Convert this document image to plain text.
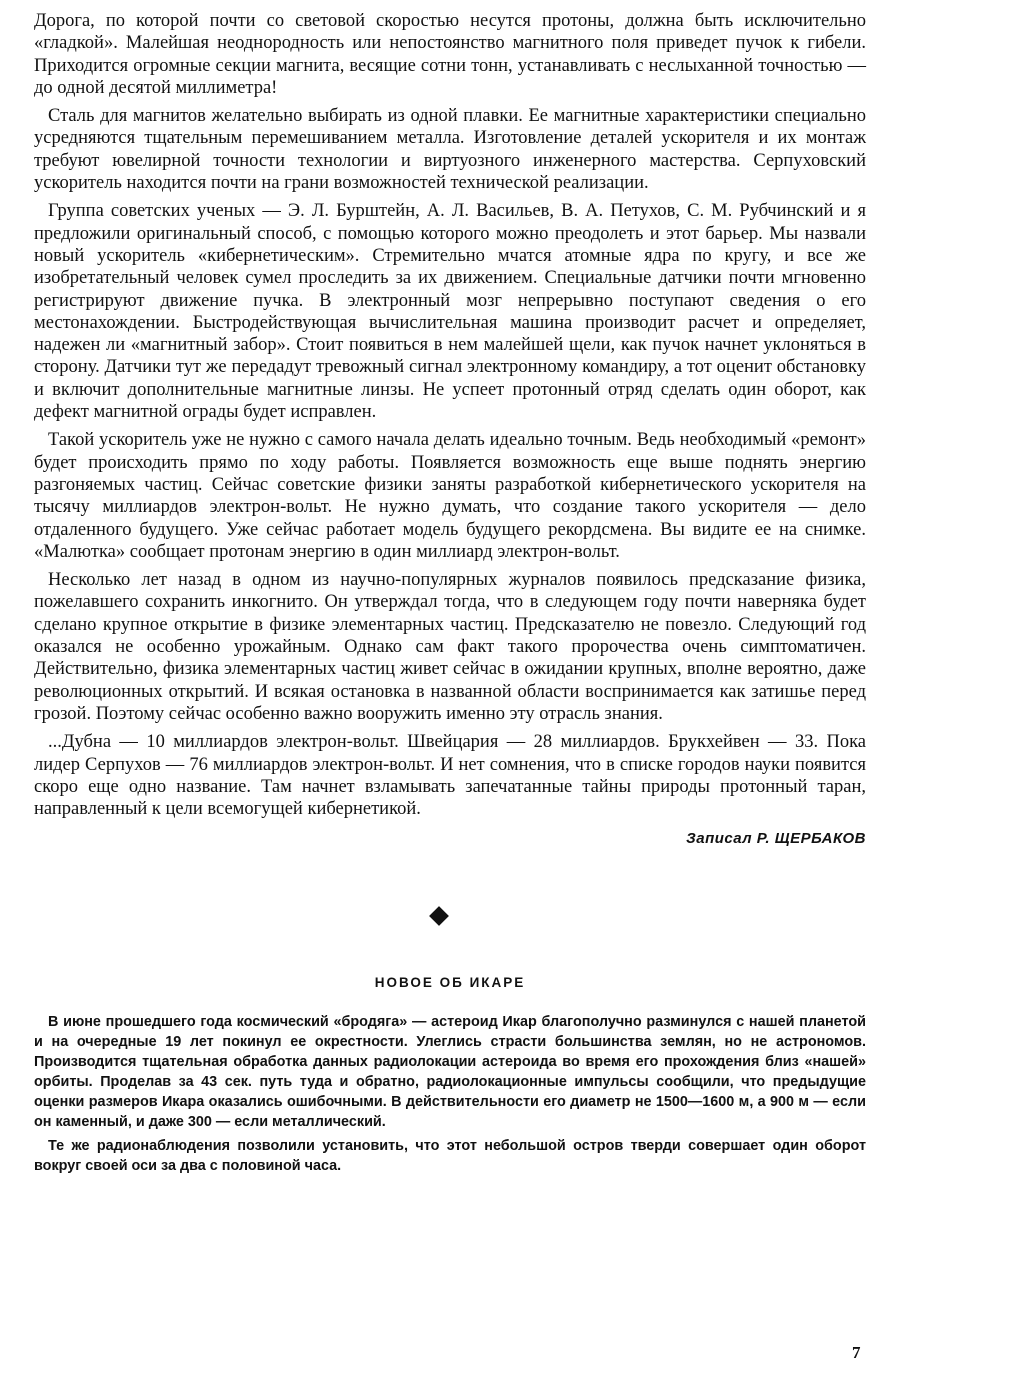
Дорога, по которой почти со световой скоростью несутся протоны, должна быть исключительно «гладкой». Малейшая неоднородность или непостоянство магнитного поля приведет пучок к гибели. Приходится огромные секции магнита, весящие сотни тонн, устанавливать с неслыханной точностью — до одной десятой миллиметра!

Сталь для магнитов желательно выбирать из одной плавки. Ее магнитные характеристики специально усредняются тщательным перемешиванием металла. Изготовление деталей ускорителя и их монтаж требуют ювелирной точности технологии и виртуозного инженерного мастерства. Серпуховский ускоритель находится почти на грани возможностей технической реализации.

Группа советских ученых — Э. Л. Бурштейн, А. Л. Васильев, В. А. Петухов, С. М. Рубчинский и я предложили оригинальный способ, с помощью которого можно преодолеть и этот барьер. Мы назвали новый ускоритель «кибернетическим». Стремительно мчатся атомные ядра по кругу, и все же изобретательный человек сумел проследить за их движением. Специальные датчики почти мгновенно регистрируют движение пучка. В электронный мозг непрерывно поступают сведения о его местонахождении. Быстродействующая вычислительная машина производит расчет и определяет, надежен ли «магнитный забор». Стоит появиться в нем малейшей щели, как пучок начнет уклоняться в сторону. Датчики тут же передадут тревожный сигнал электронному командиру, а тот оценит обстановку и включит дополнительные магнитные линзы. Не успеет протонный отряд сделать один оборот, как дефект магнитной ограды будет исправлен.

Такой ускоритель уже не нужно с самого начала делать идеально точным. Ведь необходимый «ремонт» будет происходить прямо по ходу работы. Появляется возможность еще выше поднять энергию разгоняемых частиц. Сейчас советские физики заняты разработкой кибернетического ускорителя на тысячу миллиардов электрон-вольт. Не нужно думать, что создание такого ускорителя — дело отдаленного будущего. Уже сейчас работает модель будущего рекордсмена. Вы видите ее на снимке. «Малютка» сообщает протонам энергию в один миллиард электрон-вольт.

Несколько лет назад в одном из научно-популярных журналов появилось предсказание физика, пожелавшего сохранить инкогнито. Он утверждал тогда, что в следующем году почти наверняка будет сделано крупное открытие в физике элементарных частиц. Предсказателю не повезло. Следующий год оказался не особенно урожайным. Однако сам факт такого пророчества очень симптоматичен. Действительно, физика элементарных частиц живет сейчас в ожидании крупных, вполне вероятно, даже революционных открытий. И всякая остановка в названной области воспринимается как затишье перед грозой. Поэтому сейчас особенно важно вооружить именно эту отрасль знания.

...Дубна — 10 миллиардов электрон-вольт. Швейцария — 28 миллиардов. Брукхейвен — 33. Пока лидер Серпухов — 76 миллиардов электрон-вольт. И нет сомнения, что в списке городов науки появится скоро еще одно название. Там начнет взламывать запечатанные тайны природы протонный таран, направленный к цели всемогущей кибернетикой.

Записал Р. ЩЕРБАКОВ
НОВОЕ ОБ ИКАРЕ

В июне прошедшего года космический «бродяга» — астероид Икар благополучно разминулся с нашей планетой и на очередные 19 лет покинул ее окрестности. Улеглись страсти большинства землян, но не астрономов. Производится тщательная обработка данных радиолокации астероида во время его прохождения близ «нашей» орбиты. Проделав за 43 сек. путь туда и обратно, радиолокационные импульсы сообщили, что предыдущие оценки размеров Икара оказались ошибочными. В действительности его диаметр не 1500—1600 м, а 900 м — если он каменный, и даже 300 — если металлический.

Те же радионаблюдения позволили установить, что этот небольшой остров тверди совершает один оборот вокруг своей оси за два с половиной часа.

7
